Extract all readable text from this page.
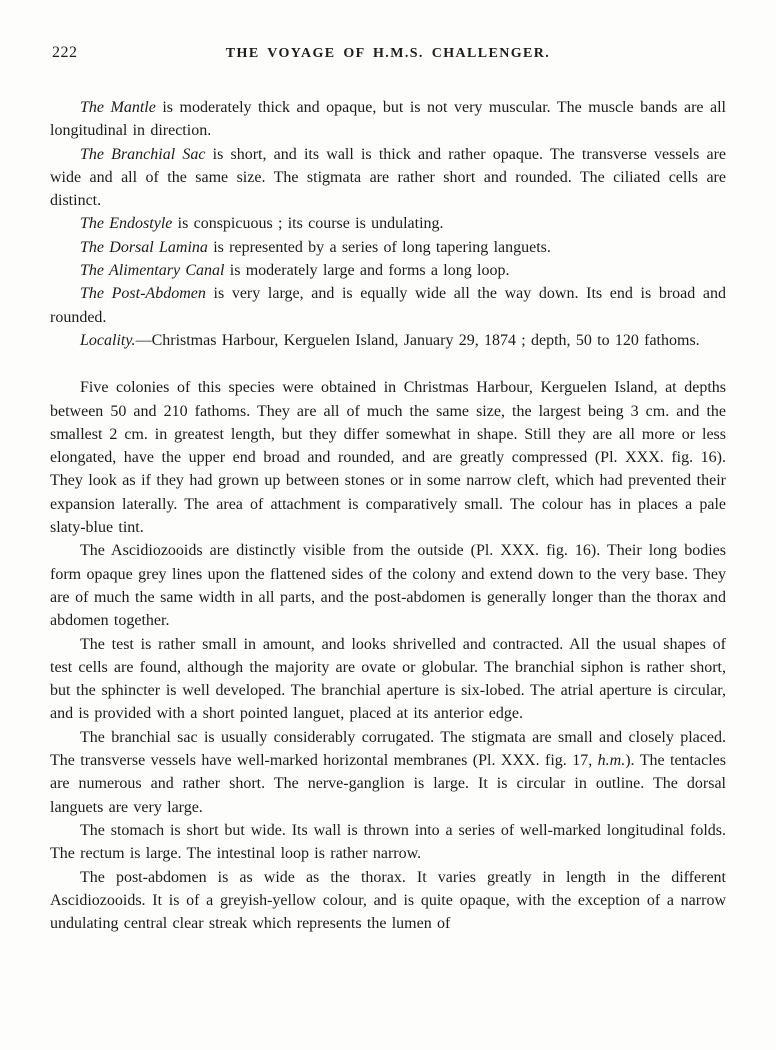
222	THE VOYAGE OF H.M.S. CHALLENGER.

The Mantle is moderately thick and opaque, but is not very muscular. The muscle bands are all longitudinal in direction.

The Branchial Sac is short, and its wall is thick and rather opaque. The transverse vessels are wide and all of the same size. The stigmata are rather short and rounded. The ciliated cells are distinct.

The Endostyle is conspicuous ; its course is undulating.

The Dorsal Lamina is represented by a series of long tapering languets.

The Alimentary Canal is moderately large and forms a long loop.

The Post-Abdomen is very large, and is equally wide all the way down. Its end is broad and rounded.

Locality.—Christmas Harbour, Kerguelen Island, January 29, 1874 ; depth, 50 to 120 fathoms.

Five colonies of this species were obtained in Christmas Harbour, Kerguelen Island, at depths between 50 and 210 fathoms. They are all of much the same size, the largest being 3 cm. and the smallest 2 cm. in greatest length, but they differ somewhat in shape. Still they are all more or less elongated, have the upper end broad and rounded, and are greatly compressed (Pl. XXX. fig. 16). They look as if they had grown up between stones or in some narrow cleft, which had prevented their expansion laterally. The area of attachment is comparatively small. The colour has in places a pale slaty-blue tint.

The Ascidiozooids are distinctly visible from the outside (Pl. XXX. fig. 16). Their long bodies form opaque grey lines upon the flattened sides of the colony and extend down to the very base. They are of much the same width in all parts, and the post-abdomen is generally longer than the thorax and abdomen together.

The test is rather small in amount, and looks shrivelled and contracted. All the usual shapes of test cells are found, although the majority are ovate or globular. The branchial siphon is rather short, but the sphincter is well developed. The branchial aperture is six-lobed. The atrial aperture is circular, and is provided with a short pointed languet, placed at its anterior edge.

The branchial sac is usually considerably corrugated. The stigmata are small and closely placed. The transverse vessels have well-marked horizontal membranes (Pl. XXX. fig. 17, h.m.). The tentacles are numerous and rather short. The nerve-ganglion is large. It is circular in outline. The dorsal languets are very large.

The stomach is short but wide. Its wall is thrown into a series of well-marked longitudinal folds. The rectum is large. The intestinal loop is rather narrow.

The post-abdomen is as wide as the thorax. It varies greatly in length in the different Ascidiozooids. It is of a greyish-yellow colour, and is quite opaque, with the exception of a narrow undulating central clear streak which represents the lumen of
